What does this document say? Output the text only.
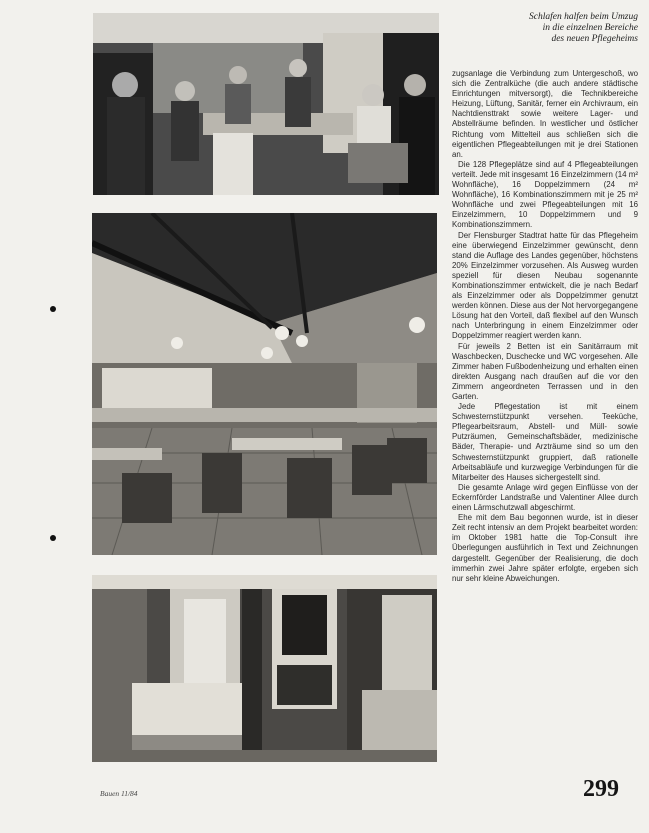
Schlafen halfen beim Umzug
in die einzelnen Bereiche
des neuen Pflegeheims

zugsanlage die Verbindung zum Untergeschoß, wo sich die Zentralküche (die auch andere städtische Einrichtungen mitversorgt), die Technikbereiche Heizung, Lüftung, Sanitär, ferner ein Archivraum, ein Nachtdiensttrakt sowie weitere Lager- und Abstellräume befinden. In westlicher und östlicher Richtung vom Mittelteil aus schließen sich die eigentlichen Pflegeabteilungen mit je drei Stationen an.

Die 128 Pflegeplätze sind auf 4 Pflegeabteilungen verteilt. Jede mit insgesamt 16 Einzelzimmern (14 m² Wohnfläche), 16 Doppelzimmern (24 m² Wohnfläche), 16 Kombinationszimmern mit je 25 m² Wohnfläche und zwei Pflegeabteilungen mit 16 Einzelzimmern, 10 Doppelzimmern und 9 Kombinationszimmern.

Der Flensburger Stadtrat hatte für das Pflegeheim eine überwiegend Einzelzimmer gewünscht, denn stand die Auflage des Landes gegenüber, höchstens 20% Einzelzimmer vorzusehen. Als Ausweg wurden speziell für diesen Neubau sogenannte Kombinationszimmer entwickelt, die je nach Bedarf als Einzelzimmer oder als Doppelzimmer genutzt werden können. Diese aus der Not hervorgegangene Lösung hat den Vorteil, daß flexibel auf den Wunsch nach Unterbringung in einem Einzelzimmer oder Doppelzimmer reagiert werden kann.

Für jeweils 2 Betten ist ein Sanitärraum mit Waschbecken, Duschecke und WC vorgesehen. Alle Zimmer haben Fußbodenheizung und erhalten einen direkten Ausgang nach draußen auf die vor den Zimmern angeordneten Terrassen und in den Garten.

Jede Pflegestation ist mit einem Schwesternstützpunkt versehen. Teeküche, Pflegearbeitsraum, Abstell- und Müll- sowie Putzräumen, Gemeinschaftsbäder, medizinische Bäder, Therapie- und Arzträume sind so um den Schwesternstützpunkt gruppiert, daß rationelle Arbeitsabläufe und kurzwegige Verbindungen für die Mitarbeiter des Hauses sichergestellt sind.

Die gesamte Anlage wird gegen Einflüsse von der Eckernförder Landstraße und Valentiner Allee durch einen Lärmschutzwall abgeschirmt.

Ehe mit dem Bau begonnen wurde, ist in dieser Zeit recht intensiv an dem Projekt bearbeitet worden: im Oktober 1981 hatte die Top-Consult ihre Überlegungen ausführlich in Text und Zeichnungen dargestellt. Gegenüber der Realisierung, die doch immerhin zwei Jahre später erfolgte, ergeben sich nur sehr kleine Abweichungen.

Bauen 11/84	299
